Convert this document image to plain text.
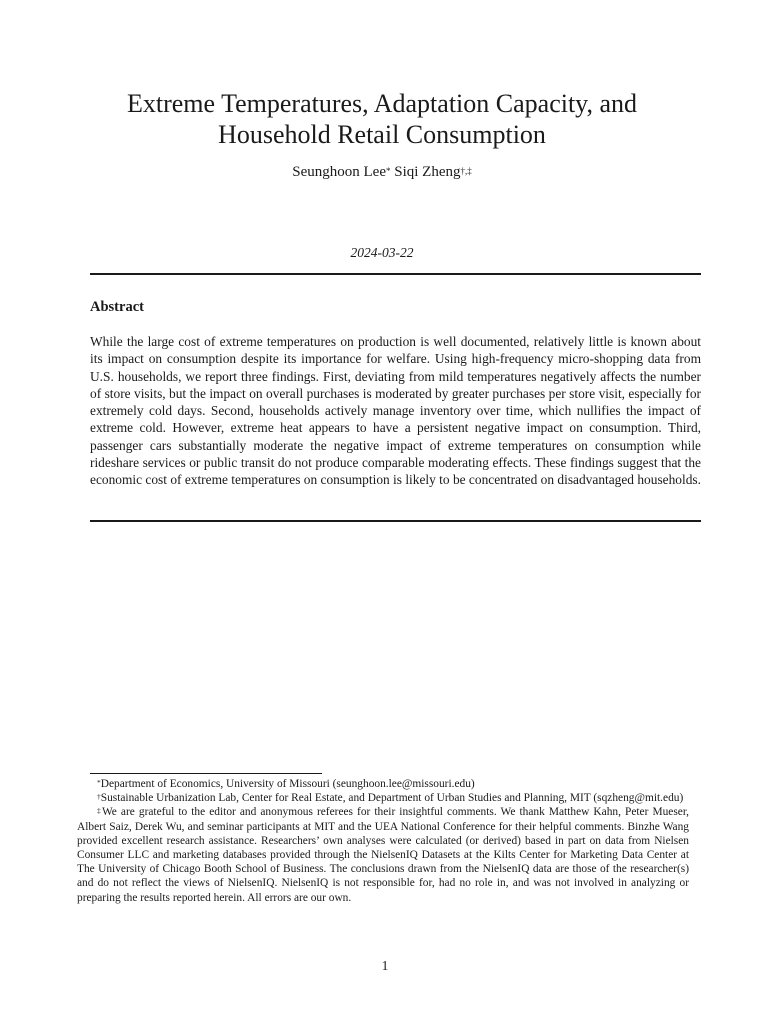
Extreme Temperatures, Adaptation Capacity, and
Household Retail Consumption
Seunghoon Lee* Siqi Zheng†,‡
2024-03-22
Abstract

While the large cost of extreme temperatures on production is well documented, relatively little is known about its impact on consumption despite its importance for welfare. Using high-frequency micro-shopping data from U.S. households, we report three findings. First, deviating from mild temperatures negatively affects the number of store visits, but the impact on overall purchases is moderated by greater purchases per store visit, especially for extremely cold days. Second, households actively manage inventory over time, which nullifies the impact of extreme cold. However, extreme heat appears to have a persistent negative impact on consumption. Third, passenger cars substantially moderate the negative impact of extreme temperatures on consumption while rideshare services or public transit do not produce comparable moderating effects. These findings suggest that the economic cost of extreme temperatures on consumption is likely to be concentrated on disadvantaged households.

*Department of Economics, University of Missouri (seunghoon.lee@missouri.edu)

†Sustainable Urbanization Lab, Center for Real Estate, and Department of Urban Studies and Planning, MIT (sqzheng@mit.edu)

‡We are grateful to the editor and anonymous referees for their insightful comments. We thank Matthew Kahn, Peter Mueser, Albert Saiz, Derek Wu, and seminar participants at MIT and the UEA National Conference for their helpful comments. Binzhe Wang provided excellent research assistance. Researchers’ own analyses were calculated (or derived) based in part on data from Nielsen Consumer LLC and marketing databases provided through the NielsenIQ Datasets at the Kilts Center for Marketing Data Center at The University of Chicago Booth School of Business. The conclusions drawn from the NielsenIQ data are those of the researcher(s) and do not reflect the views of NielsenIQ. NielsenIQ is not responsible for, had no role in, and was not involved in analyzing or preparing the results reported herein. All errors are our own.

1
